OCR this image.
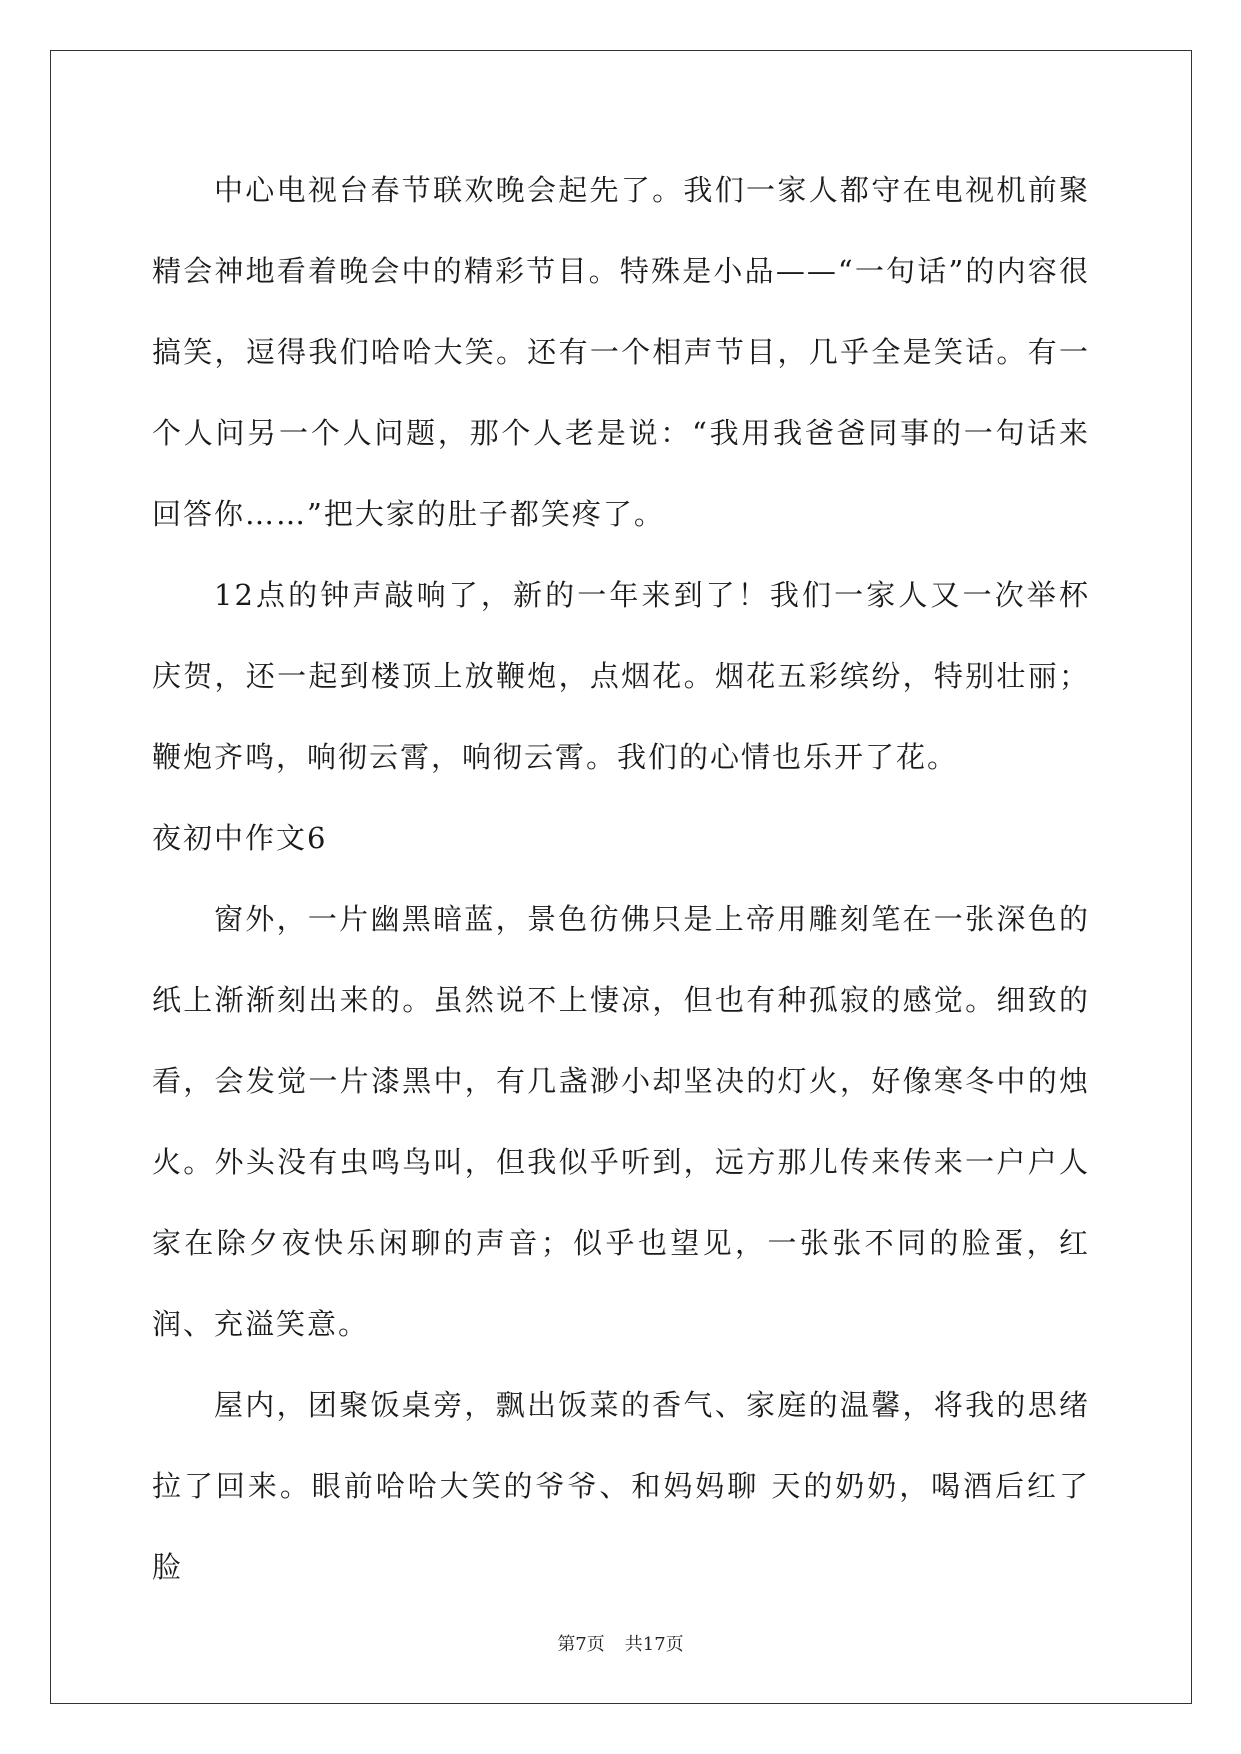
中心电视台春节联欢晚会起先了。我们一家人都守在电视机前聚精会神地看着晚会中的精彩节目。特殊是小品——“一句话”的内容很搞笑，逗得我们哈哈大笑。还有一个相声节目，几乎全是笑话。有一个人问另一个人问题，那个人老是说：“我用我爸爸同事的一句话来回答你……”把大家的肚子都笑疼了。

12点的钟声敲响了，新的一年来到了！我们一家人又一次举杯庆贺，还一起到楼顶上放鞭炮，点烟花。烟花五彩缤纷，特别壮丽；鞭炮齐鸣，响彻云霄，响彻云霄。我们的心情也乐开了花。

夜初中作文6

窗外，一片幽黑暗蓝，景色彷佛只是上帝用雕刻笔在一张深色的纸上渐渐刻出来的。虽然说不上悽凉，但也有种孤寂的感觉。细致的看，会发觉一片漆黑中，有几盏渺小却坚决的灯火，好像寒冬中的烛火。外头没有虫鸣鸟叫，但我似乎听到，远方那儿传来传来一户户人家在除夕夜快乐闲聊的声音；似乎也望见，一张张不同的脸蛋，红润、充溢笑意。

屋内，团聚饭桌旁，飘出饭菜的香气、家庭的温馨，将我的思绪拉了回来。眼前哈哈大笑的爷爷、和妈妈聊 天的奶奶，喝酒后红了脸

第7页 共17页
